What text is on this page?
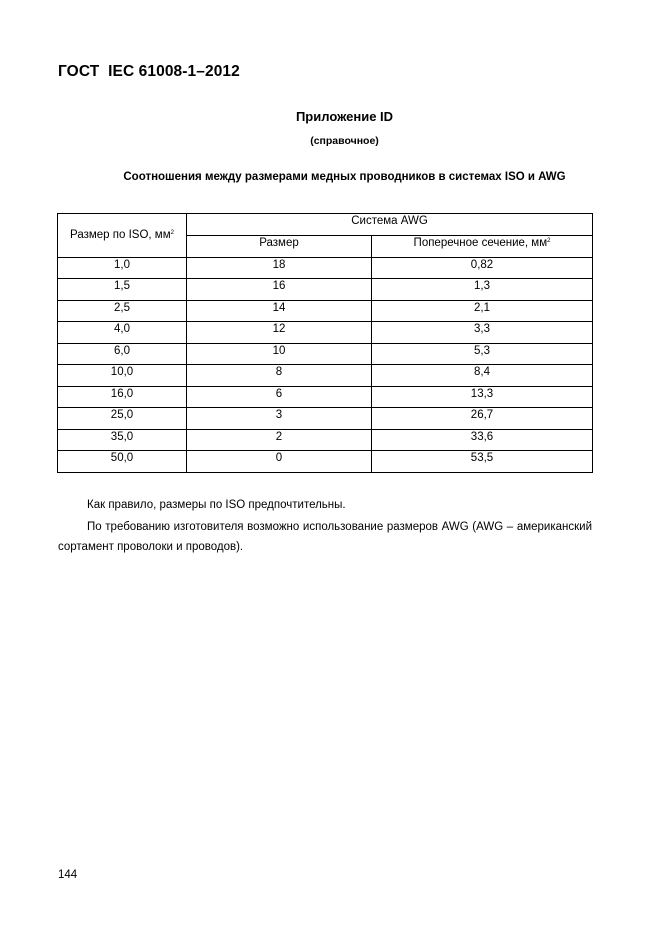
ГОСТ  IEC 61008-1–2012
Приложение ID
(справочное)
Соотношения между размерами медных проводников в системах ISO и AWG
Размер по ISO, $мм^2$	Система AWG	
	Размер	Поперечное сечение, $мм^2$
1,0	18	0,82
1,5	16	1,3
2,5	14	2,1
4,0	12	3,3
6,0	10	5,3
10,0	8	8,4
16,0	6	13,3
25,0	3	26,7
35,0	2	33,6
50,0	0	53,5
Как правило, размеры по ISO предпочтительны.
По требованию изготовителя возможно использование размеров AWG (AWG – американский сортамент проволоки и проводов).
144
